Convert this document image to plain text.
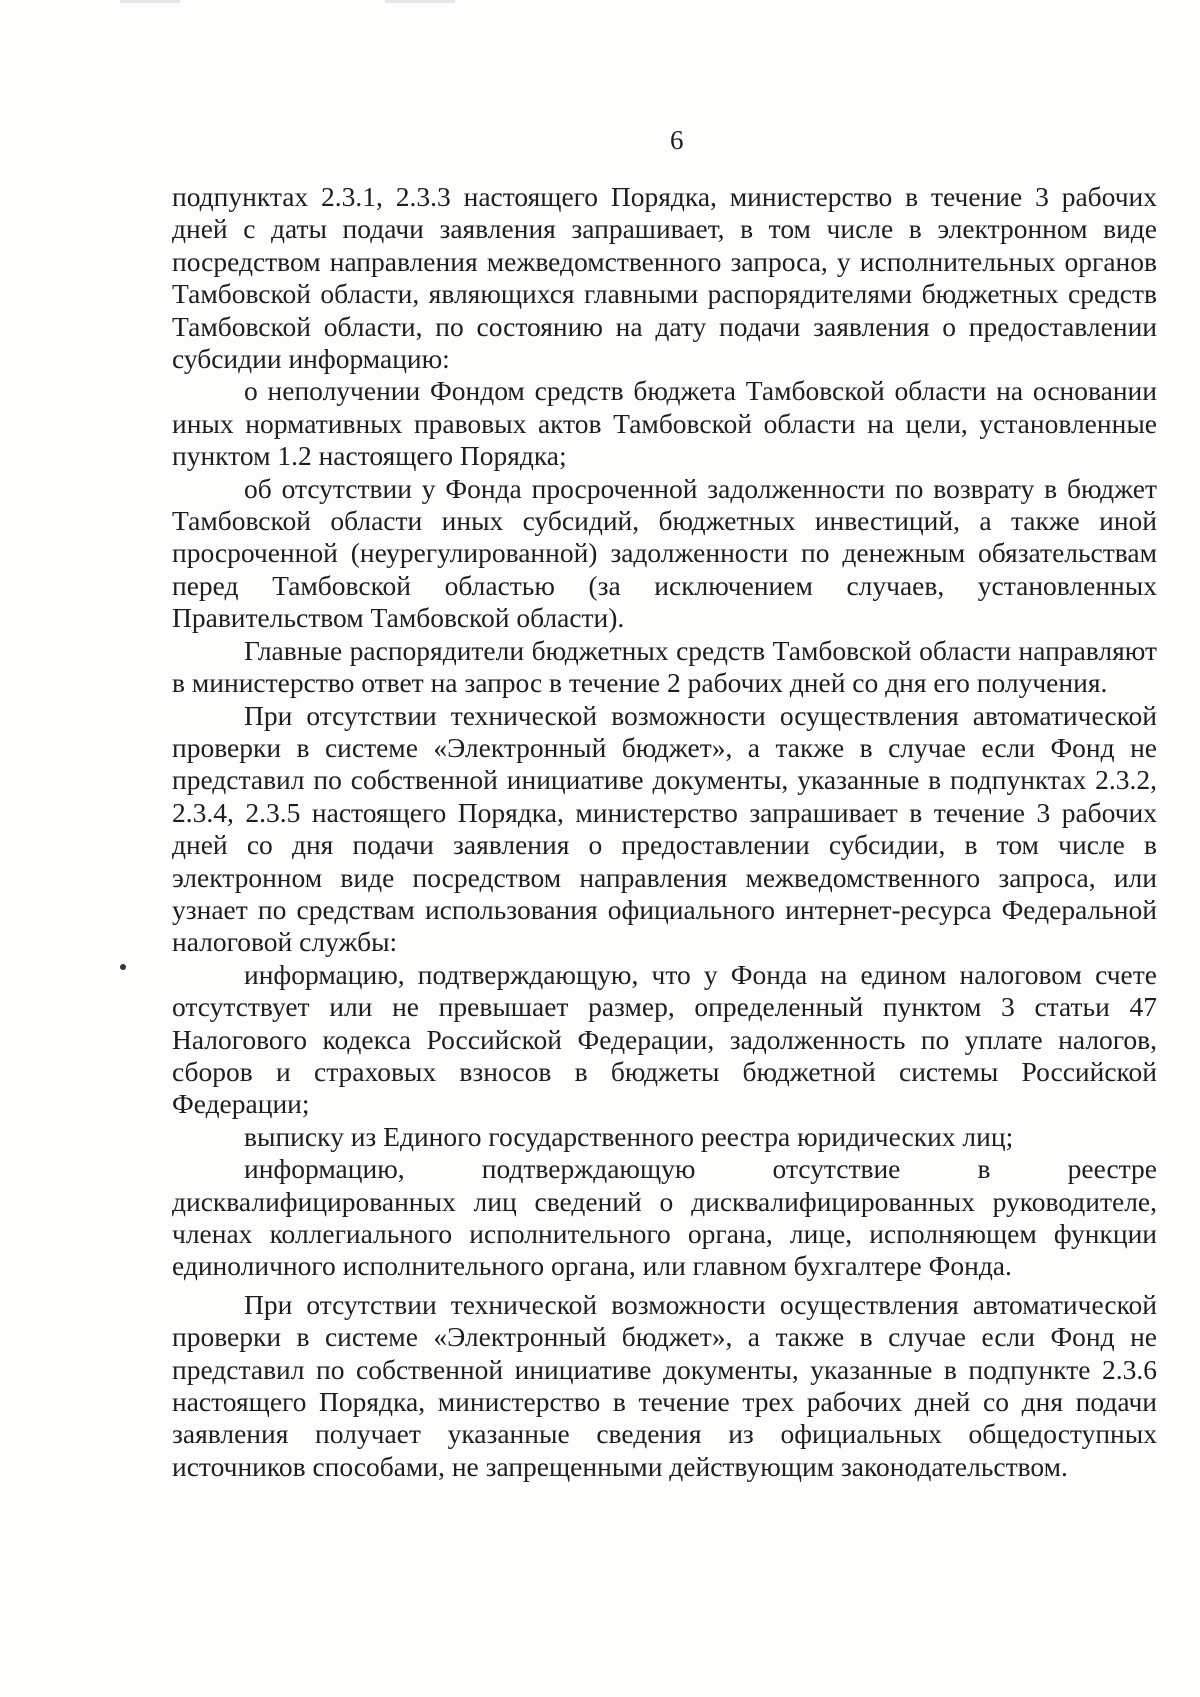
6

подпунктах 2.3.1, 2.3.3 настоящего Порядка, министерство в течение 3 рабочих дней с даты подачи заявления запрашивает, в том числе в электронном виде посредством направления межведомственного запроса, у исполнительных органов Тамбовской области, являющихся главными распорядителями бюджетных средств Тамбовской области, по состоянию на дату подачи заявления о предоставлении субсидии информацию:

о неполучении Фондом средств бюджета Тамбовской области на основании иных нормативных правовых актов Тамбовской области на цели, установленные пунктом 1.2 настоящего Порядка;

об отсутствии у Фонда просроченной задолженности по возврату в бюджет Тамбовской области иных субсидий, бюджетных инвестиций, а также иной просроченной (неурегулированной) задолженности по денежным обязательствам перед Тамбовской областью (за исключением случаев, установленных Правительством Тамбовской области).

Главные распорядители бюджетных средств Тамбовской области направляют в министерство ответ на запрос в течение 2 рабочих дней со дня его получения.

При отсутствии технической возможности осуществления автоматической проверки в системе «Электронный бюджет», а также в случае если Фонд не представил по собственной инициативе документы, указанные в подпунктах 2.3.2, 2.3.4, 2.3.5 настоящего Порядка, министерство запрашивает в течение 3 рабочих дней со дня подачи заявления о предоставлении субсидии, в том числе в электронном виде посредством направления межведомственного запроса, или узнает по средствам использования официального интернет-ресурса Федеральной налоговой службы:

информацию, подтверждающую, что у Фонда на едином налоговом счете отсутствует или не превышает размер, определенный пунктом 3 статьи 47 Налогового кодекса Российской Федерации, задолженность по уплате налогов, сборов и страховых взносов в бюджеты бюджетной системы Российской Федерации;

выписку из Единого государственного реестра юридических лиц;

информацию, подтверждающую отсутствие в реестре дисквалифицированных лиц сведений о дисквалифицированных руководителе, членах коллегиального исполнительного органа, лице, исполняющем функции единоличного исполнительного органа, или главном бухгалтере Фонда.

При отсутствии технической возможности осуществления автоматической проверки в системе «Электронный бюджет», а также в случае если Фонд не представил по собственной инициативе документы, указанные в подпункте 2.3.6 настоящего Порядка, министерство в течение трех рабочих дней со дня подачи заявления получает указанные сведения из официальных общедоступных источников способами, не запрещенными действующим законодательством.
